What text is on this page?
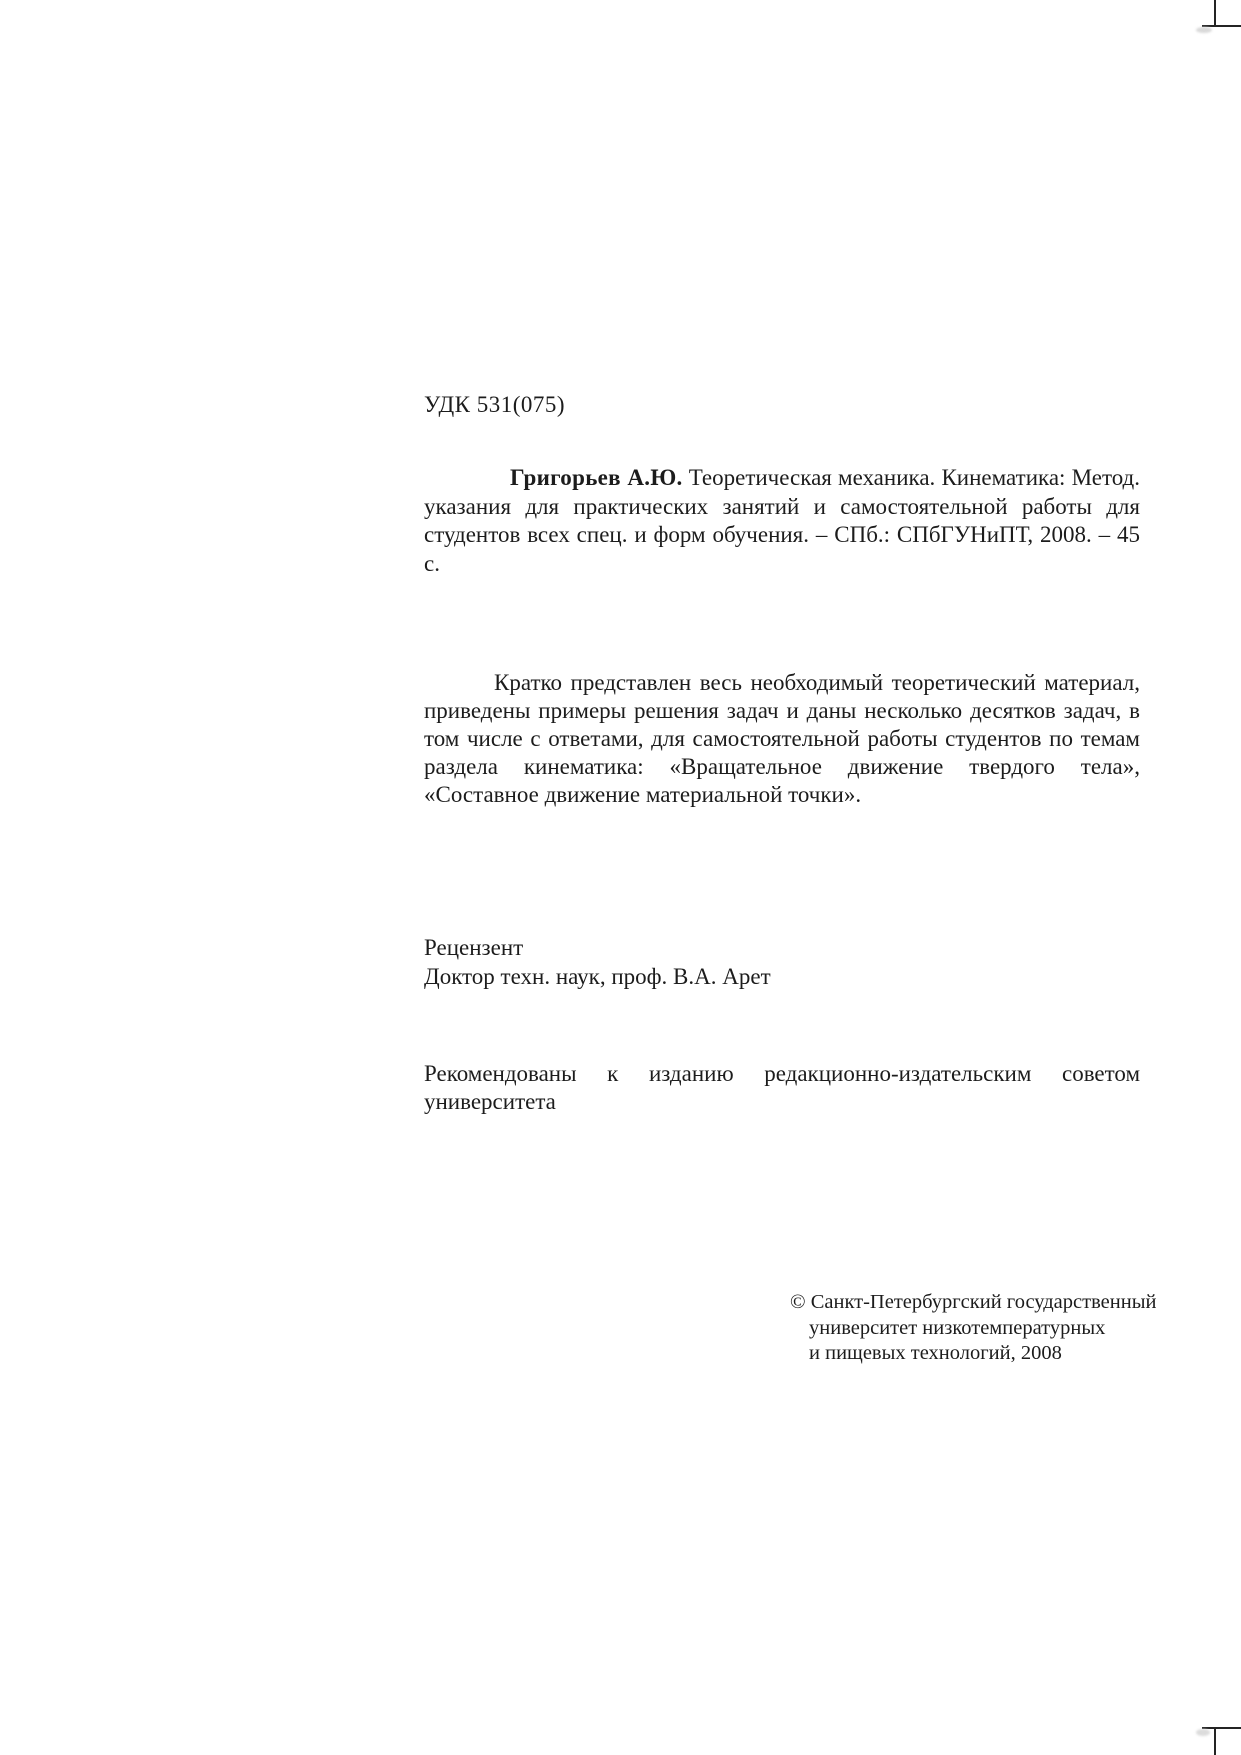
УДК 531(075)

Григорьев А.Ю. Теоретическая механика. Кинематика: Метод. указания для практических занятий и самостоятельной работы для студентов всех спец. и форм обучения. – СПб.: СПбГУНиПТ, 2008. – 45 с.

Кратко представлен весь необходимый теоретический материал, приведены примеры решения задач и даны несколько десятков задач, в том числе с ответами, для самостоятельной работы студентов по темам раздела кинематика: «Вращательное движение твердого тела», «Составное движение материальной точки».

Рецензент
Доктор техн. наук, проф. В.А. Арет

Рекомендованы к изданию редакционно-издательским советом университета

© Санкт-Петербургский государственный
университет низкотемпературных
и пищевых технологий, 2008
